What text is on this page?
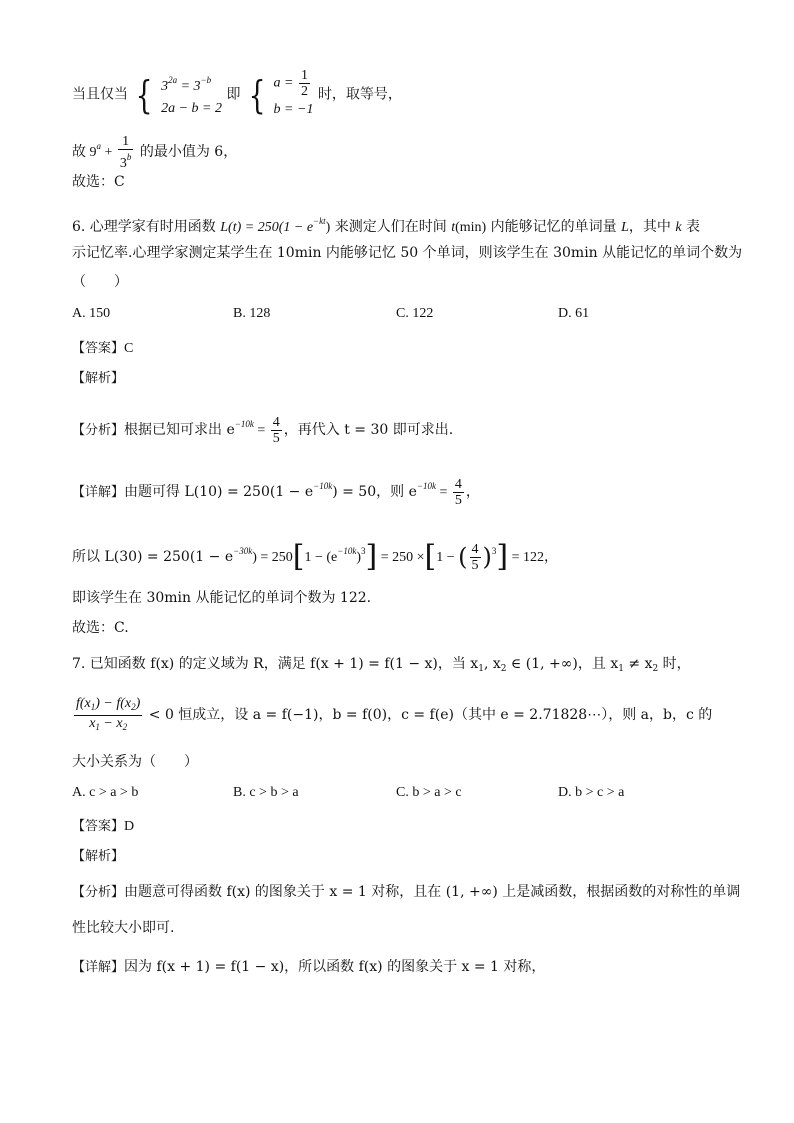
当且仅当 { $3^{2a} = 3^{-b}$
2a − b = 2
即 { $a = \frac{1}{2}$
b = −1
时，取等号，
故 $9^a + \frac{1}{3^b}$ 的最小值为 6，
故选：C
6. 心理学家有时用函数 $L(t) = 250(1 - e^{-kt})$ 来测定人们在时间 t(min) 内能够记忆的单词量 L，其中 k 表
示记忆率.心理学家测定某学生在 10min 内能够记忆 50 个单词，则该学生在 30min 从能记忆的单词个数为
（　　）
A. 150	B. 128	C. 122	D. 61
【答案】C
【解析】
【分析】根据已知可求出 $e^{-10k} = \frac{4}{5}$ ，再代入 t = 30 即可求出.
【详解】由题可得 $L(10) = 250(1 - e^{-10k}) = 50$，则 $e^{-10k} = \frac{4}{5}$ ，
所以 $L(30) = 250(1 - e^{-30k}) = 250[1 - (e^{-10k})^3] = 250 \times[1$ − ( $\frac{4}{5} )^3] = 122$，
即该学生在 30min 从能记忆的单词个数为 122.
故选：C.
7. 已知函数 f(x) 的定义域为 R，满足 f(x + 1) = f(1 − x)，当 $x_1$, $x_2$ ∈ (1, +∞)，且 $x_1 \ne x_2$ 时，
$\frac{f(x_1) - f(x_2)}{x_1 - x_2} < 0$ 恒成立，设 a = f(−1)，b = f(0)，c = f(e)（其中 e = 2.71828⋯），则 a，b，c 的
大小关系为（　　）
A. c > a > b	B. c > b > a	C. b > a > c	D. b > c > a
【答案】D
【解析】
【分析】由题意可得函数 f(x) 的图象关于 x = 1 对称，且在 (1, +∞) 上是减函数，根据函数的对称性的单调
性比较大小即可.
【详解】因为 f(x + 1) = f(1 − x)，所以函数 f(x) 的图象关于 x = 1 对称，
